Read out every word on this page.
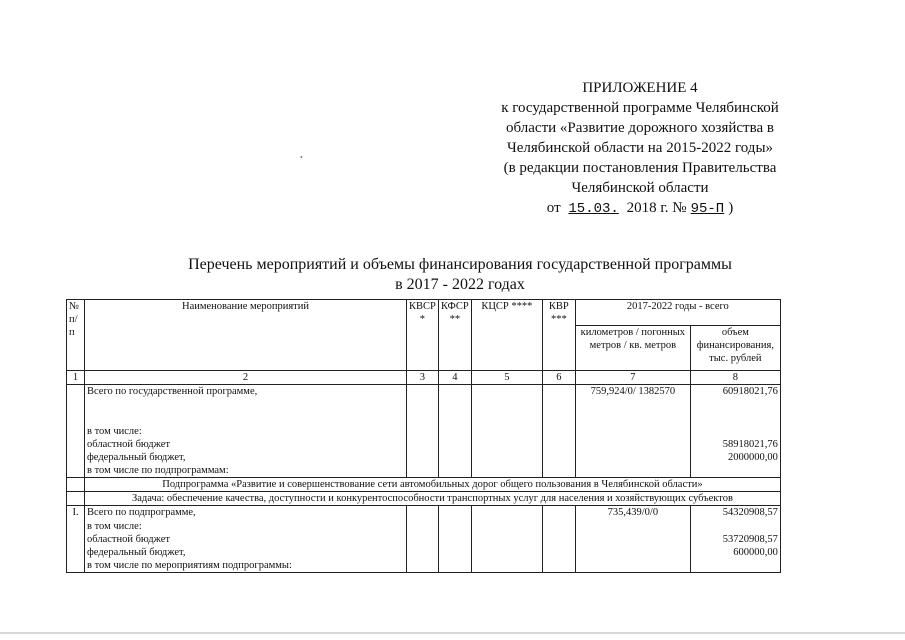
ПРИЛОЖЕНИЕ 4
к государственной программе Челябинской
области «Развитие дорожного хозяйства в
Челябинской области на 2015-2022 годы»
(в редакции постановления Правительства
Челябинской области
от 15.03. 2018 г. № 95-П )
•
Перечень мероприятий и объемы финансирования государственной программы
в 2017 - 2022 годах
№ п/п	Наименование мероприятий	КВСР *	КФСР **	КЦСР ****	КВР ***	2017-2022 годы - всего	
						километров / погонных метров / кв. метров	объем финансирования, тыс. рублей
1	2	3	4	5	6	7	8
	Всего по государственной программе,					759,924/0/ 1382570	60918021,76
	в том числе:						
	областной бюджет						58918021,76
	федеральный бюджет,						2000000,00
	в том числе по подпрограммам:						
	Подпрограмма «Развитие и совершенствование сети автомобильных дорог общего пользования в Челябинской области»						
	Задача: обеспечение качества, доступности и конкурентоспособности транспортных услуг для населения и хозяйствующих субъектов						
I.	Всего по подпрограмме,					735,439/0/0	54320908,57
	в том числе:						
	областной бюджет						53720908,57
	федеральный бюджет,						600000,00
	в том числе по мероприятиям подпрограммы:						
